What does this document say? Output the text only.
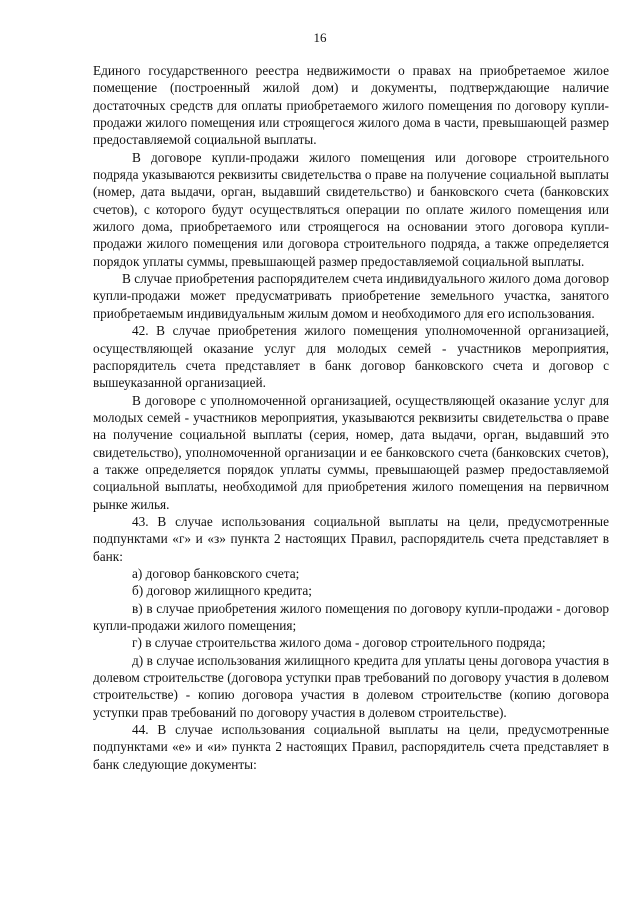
16

Единого государственного реестра недвижимости о правах на приобретаемое жилое помещение (построенный жилой дом) и документы, подтверждающие наличие достаточных средств для оплаты приобретаемого жилого помещения по договору купли-продажи жилого помещения или строящегося жилого дома в части, превышающей размер предоставляемой социальной выплаты.

В договоре купли-продажи жилого помещения или договоре строительного подряда указываются реквизиты свидетельства о праве на получение социальной выплаты (номер, дата выдачи, орган, выдавший свидетельство) и банковского счета (банковских счетов), с которого будут осуществляться операции по оплате жилого помещения или жилого дома, приобретаемого или строящегося на основании этого договора купли-продажи жилого помещения или договора строительного подряда, а также определяется порядок уплаты суммы, превышающей размер предоставляемой социальной выплаты.

В случае приобретения распорядителем счета индивидуального жилого дома договор купли-продажи может предусматривать приобретение земельного участка, занятого приобретаемым индивидуальным жилым домом и необходимого для его использования.

42. В случае приобретения жилого помещения уполномоченной организацией, осуществляющей оказание услуг для молодых семей - участников мероприятия, распорядитель счета представляет в банк договор банковского счета и договор с вышеуказанной организацией.

В договоре с уполномоченной организацией, осуществляющей оказание услуг для молодых семей - участников мероприятия, указываются реквизиты свидетельства о праве на получение социальной выплаты (серия, номер, дата выдачи, орган, выдавший это свидетельство), уполномоченной организации и ее банковского счета (банковских счетов), а также определяется порядок уплаты суммы, превышающей размер предоставляемой социальной выплаты, необходимой для приобретения жилого помещения на первичном рынке жилья.

43. В случае использования социальной выплаты на цели, предусмотренные подпунктами «г» и «з» пункта 2 настоящих Правил, распорядитель счета представляет в банк:

а) договор банковского счета;

б) договор жилищного кредита;

в) в случае приобретения жилого помещения по договору купли-продажи - договор купли-продажи жилого помещения;

г) в случае строительства жилого дома - договор строительного подряда;

д) в случае использования жилищного кредита для уплаты цены договора участия в долевом строительстве (договора уступки прав требований по договору участия в долевом строительстве) - копию договора участия в долевом строительстве (копию договора уступки прав требований по договору участия в долевом строительстве).

44. В случае использования социальной выплаты на цели, предусмотренные подпунктами «е» и «и» пункта 2 настоящих Правил, распорядитель счета представляет в банк следующие документы:
